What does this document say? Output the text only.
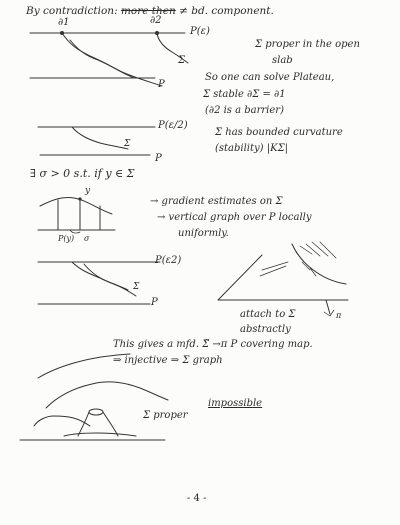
By contradiction: more then ≠ bd. component.
∂1	∂2
P(ε)
Σ
P
Σ proper in the open
slab
So one can solve Plateau,
Σ stable ∂Σ = ∂1
(∂2 is a barrier)
P(ε/2)
Σ
P
Σ has bounded curvature
(stability) |KΣ|
∃ σ > 0 s.t. if y ∈ Σ
y
P(y) σ
→ gradient estimates on Σ
→ vertical graph over P locally
uniformly.
P(ε2)
Σ
P
attach to Σ
abstractly
π
This gives a mfd. Σ̃ →π P covering map.
⇒ injective ⇒ Σ graph
Σ proper
impossible
- 4 -
